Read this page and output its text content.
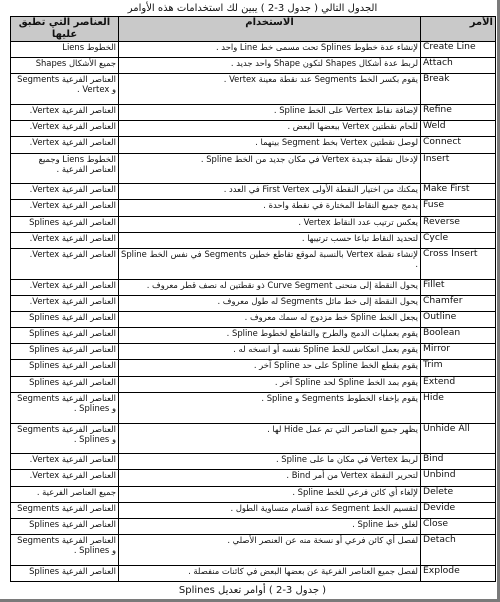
الجدول التالي ( جدول 3-2 ) يبين لك استخدامات هذه الأوامر
العناصر التي تطبق عليها	الاستخدام	الأمر
الخطوط Liens	لإنشاء عدة خطوط Splines تحت مسمى خط Line واحد .	Create Line
جميع الأشكال Shapes	لربط عدة أشكال Shapes لتكون Shape واحد جديد .	Attach
العناصر الفرعية Segments و Vertex .	يقوم بكسر الخط Segments عند نقطة معينة Vertex .	Break
العناصر الفرعية Vertex.	لإضافة نقاط Vertex على الخط Spline .	Refine
العناصر الفرعية Vertex.	للحام نقطتين Vertex ببعضها البعض .	Weld
العناصر الفرعية Vertex.	لوصل نقطتين Vertex بخط Segment بينهما .	Connect
الخطوط Liens وجميع العناصر الفرعية .	لإدخال نقطة جديدة Vertex في مكان جديد من الخط Spline .	Insert
العناصر الفرعية Vertex.	يمكنك من اختيار النقطة الأولى First Vertex في العدد .	Make First
العناصر الفرعية Vertex.	يدمج جميع النقاط المختارة في نقطة واحدة .	Fuse
العناصر الفرعية Splines	يعكس ترتيب عدد النقاط Vertex .	Reverse
العناصر الفرعية Vertex.	لتحديد النقاط تباعا حسب ترتيبها .	Cycle
العناصر الفرعية Vertex.	لإنشاء نقطة Vertex بالنسبة لموقع تقاطع خطين Segments في نفس الخط Spline .	Cross Insert
العناصر الفرعية Vertex.	يحول النقطة إلى منحنى Curve Segment ذو نقطتين له نصف قطر معروف .	Fillet
العناصر الفرعية Vertex.	يحول النقطة إلى خط مائل Segments له طول معروف .	Chamfer
العناصر الفرعية Splines	يجعل الخط Spline خط مزدوج له سمك معروف .	Outline
العناصر الفرعية Splines	يقوم بعمليات الدمج والطرح والتقاطع لخطوط Spline .	Boolean
العناصر الفرعية Splines	يقوم بعمل انعكاس للخط Spline نفسه أو انسخه له .	Mirror
العناصر الفرعية Splines	يقوم بقطع الخط Spline على حد Spline آخر .	Trim
العناصر الفرعية Splines	يقوم بمد الخط Spline لحد Spline آخر .	Extend
العناصر الفرعية Segments و Splines .	يقوم بإخفاء الخطوط Segments و Spline .	Hide
العناصر الفرعية Segments و Splines .	يظهر جميع العناصر التي تم عمل Hide لها .	Unhide All
العناصر الفرعية Vertex.	لربط Vertex في مكان ما على Spline .	Bind
العناصر الفرعية Vertex.	لتحرير النقطة Vertex من أمر Bind .	Unbind
جميع العناصر الفرعية .	لإلغاء أي كائن فرعي للخط Spline .	Delete
العناصر الفرعية Segments	لتقسيم الخط Segment عدة أقسام متساوية الطول .	Devide
العناصر الفرعية Splines	لغلق خط Spline .	Close
العناصر الفرعية Segments و Splines .	لفصل أي كائن فرعي أو نسخة منه عن العنصر الأصلي .	Detach
العناصر الفرعية Splines	لفصل جميع العناصر الفرعية عن بعضها البعض في كائنات منفصلة .	Explode
( جدول 3-2 ) أوامر تعديل Splines
